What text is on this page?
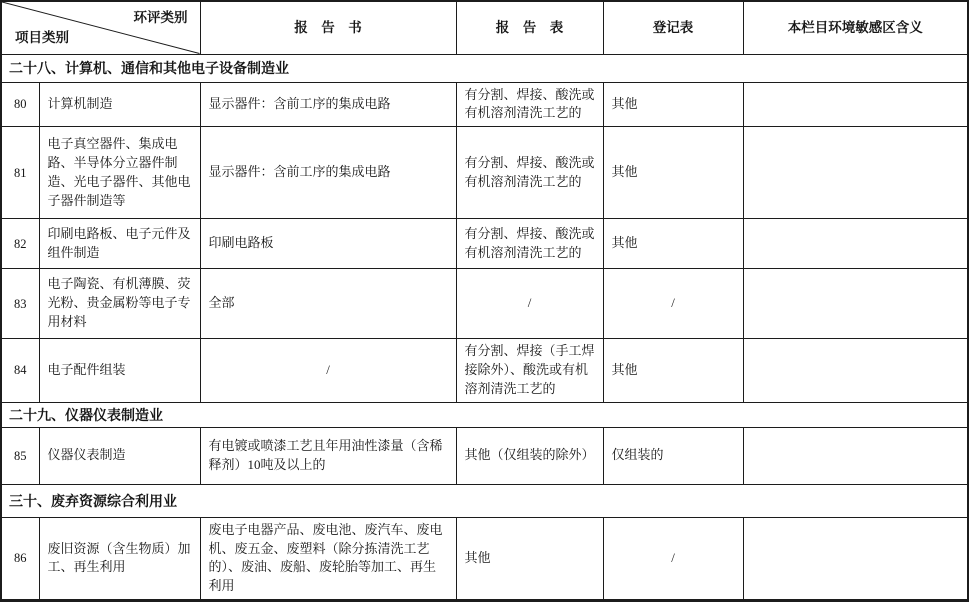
环评类别
项目类别		报　告　书	报　告　表	登记表	本栏目环境敏感区含义
二十八、计算机、通信和其他电子设备制造业					
80	计算机制造	显示器件：含前工序的集成电路	有分割、焊接、酸洗或有机溶剂清洗工艺的	其他	
81	电子真空器件、集成电路、半导体分立器件制造、光电子器件、其他电子器件制造等	显示器件：含前工序的集成电路	有分割、焊接、酸洗或有机溶剂清洗工艺的	其他	
82	印刷电路板、电子元件及组件制造	印刷电路板	有分割、焊接、酸洗或有机溶剂清洗工艺的	其他	
83	电子陶瓷、有机薄膜、荧光粉、贵金属粉等电子专用材料	全部	/	/	
84	电子配件组装	/	有分割、焊接（手工焊接除外）、酸洗或有机溶剂清洗工艺的	其他	
二十九、仪器仪表制造业					
85	仪器仪表制造	有电镀或喷漆工艺且年用油性漆量（含稀释剂）10吨及以上的	其他（仅组装的除外）	仅组装的	
三十、废弃资源综合利用业					
86	废旧资源（含生物质）加工、再生利用	废电子电器产品、废电池、废汽车、废电机、废五金、废塑料（除分拣清洗工艺的）、废油、废船、废轮胎等加工、再生利用	其他	/	
